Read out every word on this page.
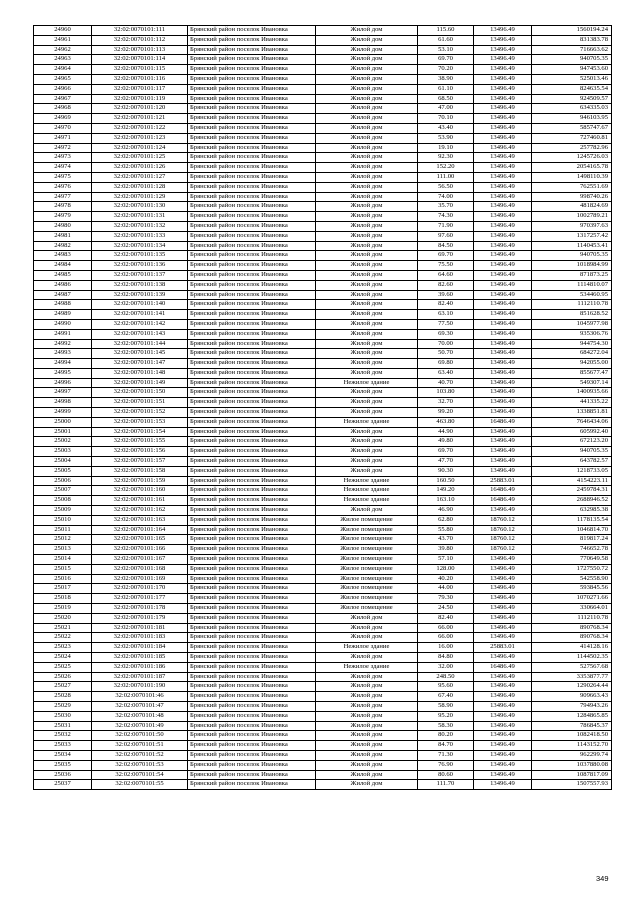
24960	32:02:0070101:111	Брянский район поселок Ивановка	Жилой дом	115.60	13496.49	1560194.24
24961	32:02:0070101:112	Брянский район поселок Ивановка	Жилой дом	61.60	13496.49	831383.78
24962	32:02:0070101:113	Брянский район поселок Ивановка	Жилой дом	53.10	13496.49	716663.62
24963	32:02:0070101:114	Брянский район поселок Ивановка	Жилой дом	69.70	13496.49	940705.35
24964	32:02:0070101:115	Брянский район поселок Ивановка	Жилой дом	70.20	13496.49	947453.60
24965	32:02:0070101:116	Брянский район поселок Ивановка	Жилой дом	38.90	13496.49	525013.46
24966	32:02:0070101:117	Брянский район поселок Ивановка	Жилой дом	61.10	13496.49	824635.54
24967	32:02:0070101:119	Брянский район поселок Ивановка	Жилой дом	68.50	13496.49	924509.57
24968	32:02:0070101:120	Брянский район поселок Ивановка	Жилой дом	47.00	13496.49	634335.03
24969	32:02:0070101:121	Брянский район поселок Ивановка	Жилой дом	70.10	13496.49	946103.95
24970	32:02:0070101:122	Брянский район поселок Ивановка	Жилой дом	43.40	13496.49	585747.67
24971	32:02:0070101:123	Брянский район поселок Ивановка	Жилой дом	53.90	13496.49	727460.81
24972	32:02:0070101:124	Брянский район поселок Ивановка	Жилой дом	19.10	13496.49	257782.96
24973	32:02:0070101:125	Брянский район поселок Ивановка	Жилой дом	92.30	13496.49	1245726.03
24974	32:02:0070101:126	Брянский район поселок Ивановка	Жилой дом	152.20	13496.49	2054165.78
24975	32:02:0070101:127	Брянский район поселок Ивановка	Жилой дом	111.00	13496.49	1498110.39
24976	32:02:0070101:128	Брянский район поселок Ивановка	Жилой дом	56.50	13496.49	762551.69
24977	32:02:0070101:129	Брянский район поселок Ивановка	Жилой дом	74.00	13496.49	998740.26
24978	32:02:0070101:130	Брянский район поселок Ивановка	Жилой дом	35.70	13496.49	481824.69
24979	32:02:0070101:131	Брянский район поселок Ивановка	Жилой дом	74.30	13496.49	1002789.21
24980	32:02:0070101:132	Брянский район поселок Ивановка	Жилой дом	71.90	13496.49	970397.63
24981	32:02:0070101:133	Брянский район поселок Ивановка	Жилой дом	97.60	13496.49	1317257.42
24982	32:02:0070101:134	Брянский район поселок Ивановка	Жилой дом	84.50	13496.49	1140453.41
24983	32:02:0070101:135	Брянский район поселок Ивановка	Жилой дом	69.70	13496.49	940705.35
24984	32:02:0070101:136	Брянский район поселок Ивановка	Жилой дом	75.50	13496.49	1018984.99
24985	32:02:0070101:137	Брянский район поселок Ивановка	Жилой дом	64.60	13496.49	871873.25
24986	32:02:0070101:138	Брянский район поселок Ивановка	Жилой дом	82.60	13496.49	1114810.07
24987	32:02:0070101:139	Брянский район поселок Ивановка	Жилой дом	39.60	13496.49	534460.95
24988	32:02:0070101:140	Брянский район поселок Ивановка	Жилой дом	82.40	13496.49	1112110.78
24989	32:02:0070101:141	Брянский район поселок Ивановка	Жилой дом	63.10	13496.49	851628.52
24990	32:02:0070101:142	Брянский район поселок Ивановка	Жилой дом	77.50	13496.49	1045977.98
24991	32:02:0070101:143	Брянский район поселок Ивановка	Жилой дом	69.30	13496.49	935306.76
24992	32:02:0070101:144	Брянский район поселок Ивановка	Жилой дом	70.00	13496.49	944754.30
24993	32:02:0070101:145	Брянский район поселок Ивановка	Жилой дом	50.70	13496.49	684272.04
24994	32:02:0070101:147	Брянский район поселок Ивановка	Жилой дом	69.80	13496.49	942055.00
24995	32:02:0070101:148	Брянский район поселок Ивановка	Жилой дом	63.40	13496.49	855677.47
24996	32:02:0070101:149	Брянский район поселок Ивановка	Нежилое здание	40.70	13496.49	549307.14
24997	32:02:0070101:150	Брянский район поселок Ивановка	Жилой дом	103.80	13496.49	1400935.66
24998	32:02:0070101:151	Брянский район поселок Ивановка	Жилой дом	32.70	13496.49	441335.22
24999	32:02:0070101:152	Брянский район поселок Ивановка	Жилой дом	99.20	13496.49	1338851.81
25000	32:02:0070101:153	Брянский район поселок Ивановка	Нежилое здание	463.80	16486.49	7646434.06
25001	32:02:0070101:154	Брянский район поселок Ивановка	Жилой дом	44.90	13496.49	605992.40
25002	32:02:0070101:155	Брянский район поселок Ивановка	Жилой дом	49.80	13496.49	672123.20
25003	32:02:0070101:156	Брянский район поселок Ивановка	Жилой дом	69.70	13496.49	940705.35
25004	32:02:0070101:157	Брянский район поселок Ивановка	Жилой дом	47.70	13496.49	643782.57
25005	32:02:0070101:158	Брянский район поселок Ивановка	Жилой дом	90.30	13496.49	1218733.05
25006	32:02:0070101:159	Брянский район поселок Ивановка	Нежилое здание	160.50	25883.01	4154223.11
25007	32:02:0070101:160	Брянский район поселок Ивановка	Нежилое здание	149.20	16486.49	2459784.31
25008	32:02:0070101:161	Брянский район поселок Ивановка	Нежилое здание	163.10	16486.49	2688946.52
25009	32:02:0070101:162	Брянский район поселок Ивановка	Жилой дом	46.90	13496.49	632985.38
25010	32:02:0070101:163	Брянский район поселок Ивановка	Жилое помещение	62.80	18760.12	1178135.54
25011	32:02:0070101:164	Брянский район поселок Ивановка	Жилое помещение	55.80	18760.12	1046814.70
25012	32:02:0070101:165	Брянский район поселок Ивановка	Жилое помещение	43.70	18760.12	819817.24
25013	32:02:0070101:166	Брянский район поселок Ивановка	Жилое помещение	39.80	18760.12	746652.78
25014	32:02:0070101:167	Брянский район поселок Ивановка	Жилое помещение	57.10	13496.49	770649.58
25015	32:02:0070101:168	Брянский район поселок Ивановка	Жилое помещение	128.00	13496.49	1727550.72
25016	32:02:0070101:169	Брянский район поселок Ивановка	Жилое помещение	40.20	13496.49	542558.90
25017	32:02:0070101:170	Брянский район поселок Ивановка	Жилое помещение	44.00	13496.49	593845.56
25018	32:02:0070101:177	Брянский район поселок Ивановка	Жилое помещение	79.30	13496.49	1070271.66
25019	32:02:0070101:178	Брянский район поселок Ивановка	Жилое помещение	24.50	13496.49	330664.01
25020	32:02:0070101:179	Брянский район поселок Ивановка	Жилой дом	82.40	13496.49	1112110.78
25021	32:02:0070101:181	Брянский район поселок Ивановка	Жилой дом	66.00	13496.49	890768.34
25022	32:02:0070101:183	Брянский район поселок Ивановка	Жилой дом	66.00	13496.49	890768.34
25023	32:02:0070101:184	Брянский район поселок Ивановка	Нежилое здание	16.00	25883.01	414128.16
25024	32:02:0070101:185	Брянский район поселок Ивановка	Жилой дом	84.80	13496.49	1144502.35
25025	32:02:0070101:186	Брянский район поселок Ивановка	Нежилое здание	32.00	16486.49	527567.68
25026	32:02:0070101:187	Брянский район поселок Ивановка	Жилой дом	248.50	13496.49	3353877.77
25027	32:02:0070101:190	Брянский район поселок Ивановка	Жилой дом	95.60	13496.49	1290264.44
25028	32:02:0070101:46	Брянский район поселок Ивановка	Жилой дом	67.40	13496.49	909663.43
25029	32:02:0070101:47	Брянский район поселок Ивановка	Жилой дом	58.90	13496.49	794943.26
25030	32:02:0070101:48	Брянский район поселок Ивановка	Жилой дом	95.20	13496.49	1284865.85
25031	32:02:0070101:49	Брянский район поселок Ивановка	Жилой дом	58.30	13496.49	786845.37
25032	32:02:0070101:50	Брянский район поселок Ивановка	Жилой дом	80.20	13496.49	1082418.50
25033	32:02:0070101:51	Брянский район поселок Ивановка	Жилой дом	84.70	13496.49	1143152.70
25034	32:02:0070101:52	Брянский район поселок Ивановка	Жилой дом	71.30	13496.49	962299.74
25035	32:02:0070101:53	Брянский район поселок Ивановка	Жилой дом	76.90	13496.49	1037880.08
25036	32:02:0070101:54	Брянский район поселок Ивановка	Жилой дом	80.60	13496.49	1087817.09
25037	32:02:0070101:55	Брянский район поселок Ивановка	Жилой дом	111.70	13496.49	1507557.93
349
